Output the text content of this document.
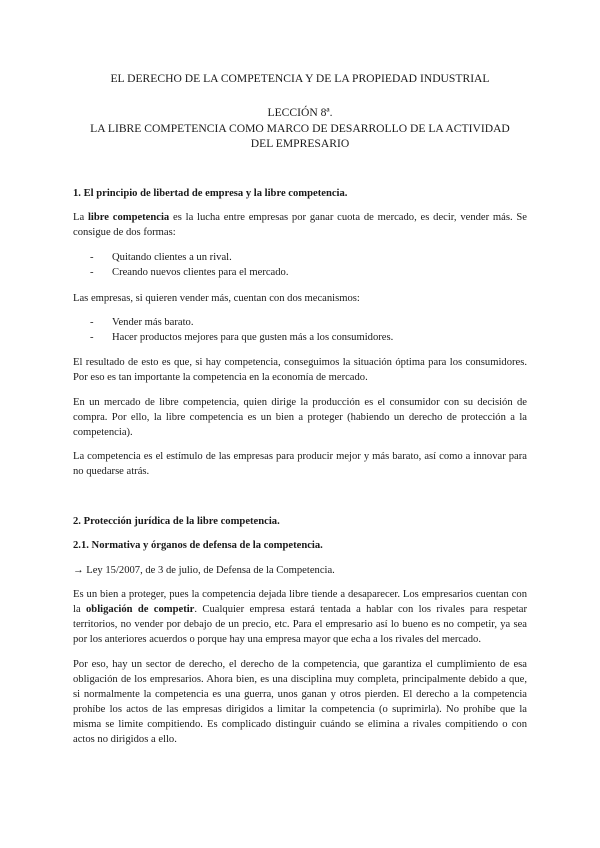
EL DERECHO DE LA COMPETENCIA Y DE LA PROPIEDAD INDUSTRIAL

LECCIÓN 8ª.

LA LIBRE COMPETENCIA COMO MARCO DE DESARROLLO DE LA ACTIVIDAD

DEL EMPRESARIO

1. El principio de libertad de empresa y la libre competencia.

La libre competencia es la lucha entre empresas por ganar cuota de mercado, es decir, vender más. Se consigue de dos formas:

- Quitando clientes a un rival.
- Creando nuevos clientes para el mercado.

Las empresas, si quieren vender más, cuentan con dos mecanismos:

- Vender más barato.
- Hacer productos mejores para que gusten más a los consumidores.

El resultado de esto es que, si hay competencia, conseguimos la situación óptima para los consumidores. Por eso es tan importante la competencia en la economía de mercado.

En un mercado de libre competencia, quien dirige la producción es el consumidor con su decisión de compra. Por ello, la libre competencia es un bien a proteger (habiendo un derecho de protección a la competencia).

La competencia es el estímulo de las empresas para producir mejor y más barato, así como a innovar para no quedarse atrás.

2. Protección jurídica de la libre competencia.

2.1. Normativa y órganos de defensa de la competencia.

→ Ley 15/2007, de 3 de julio, de Defensa de la Competencia.

Es un bien a proteger, pues la competencia dejada libre tiende a desaparecer. Los empresarios cuentan con la obligación de competir. Cualquier empresa estará tentada a hablar con los rivales para respetar territorios, no vender por debajo de un precio, etc. Para el empresario así lo bueno es no competir, ya sea por los anteriores acuerdos o porque hay una empresa mayor que echa a los rivales del mercado.

Por eso, hay un sector de derecho, el derecho de la competencia, que garantiza el cumplimiento de esa obligación de los empresarios. Ahora bien, es una disciplina muy completa, principalmente debido a que, si normalmente la competencia es una guerra, unos ganan y otros pierden. El derecho a la competencia prohíbe los actos de las empresas dirigidos a limitar la competencia (o suprimirla). No prohíbe que la misma se limite compitiendo. Es complicado distinguir cuándo se elimina a rivales compitiendo o con actos no dirigidos a ello.
